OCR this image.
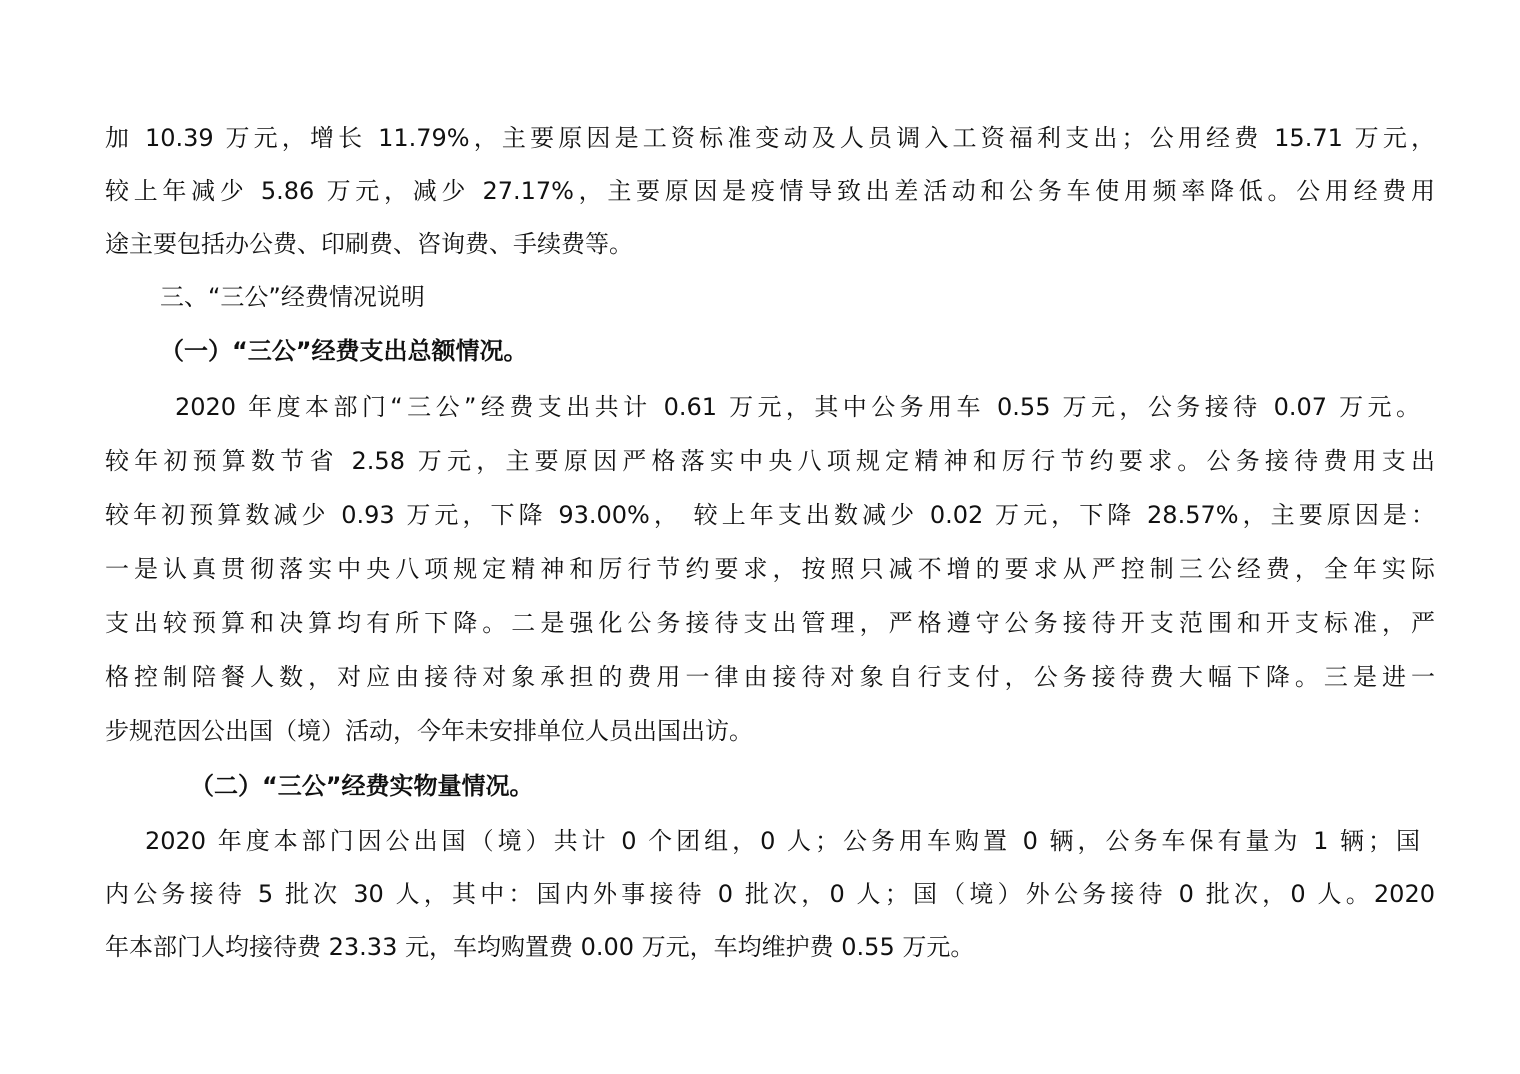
加 10.39 万元，增长 11.79%，主要原因是工资标准变动及人员调入工资福利支出；公用经费 15.71 万元，
较上年减少 5.86 万元，减少 27.17%，主要原因是疫情导致出差活动和公务车使用频率降低。公用经费用
途主要包括办公费、印刷费、咨询费、手续费等。
三、“三公”经费情况说明
（一）“三公”经费支出总额情况。
2020 年度本部门“三公”经费支出共计 0.61 万元，其中公务用车 0.55 万元，公务接待 0.07 万元。
较年初预算数节省 2.58 万元，主要原因严格落实中央八项规定精神和厉行节约要求。公务接待费用支出
较年初预算数减少 0.93 万元，下降 93.00%， 较上年支出数减少 0.02 万元，下降 28.57%，主要原因是：
一是认真贯彻落实中央八项规定精神和厉行节约要求，按照只减不增的要求从严控制三公经费，全年实际
支出较预算和决算均有所下降。二是强化公务接待支出管理，严格遵守公务接待开支范围和开支标准，严
格控制陪餐人数，对应由接待对象承担的费用一律由接待对象自行支付，公务接待费大幅下降。三是进一
步规范因公出国（境）活动，今年未安排单位人员出国出访。
（二）“三公”经费实物量情况。
2020 年度本部门因公出国（境）共计 0 个团组，0 人；公务用车购置 0 辆，公务车保有量为 1 辆；国
内公务接待 5 批次 30 人，其中：国内外事接待 0 批次，0 人；国（境）外公务接待 0 批次，0 人。2020
年本部门人均接待费 23.33 元，车均购置费 0.00 万元，车均维护费 0.55 万元。
